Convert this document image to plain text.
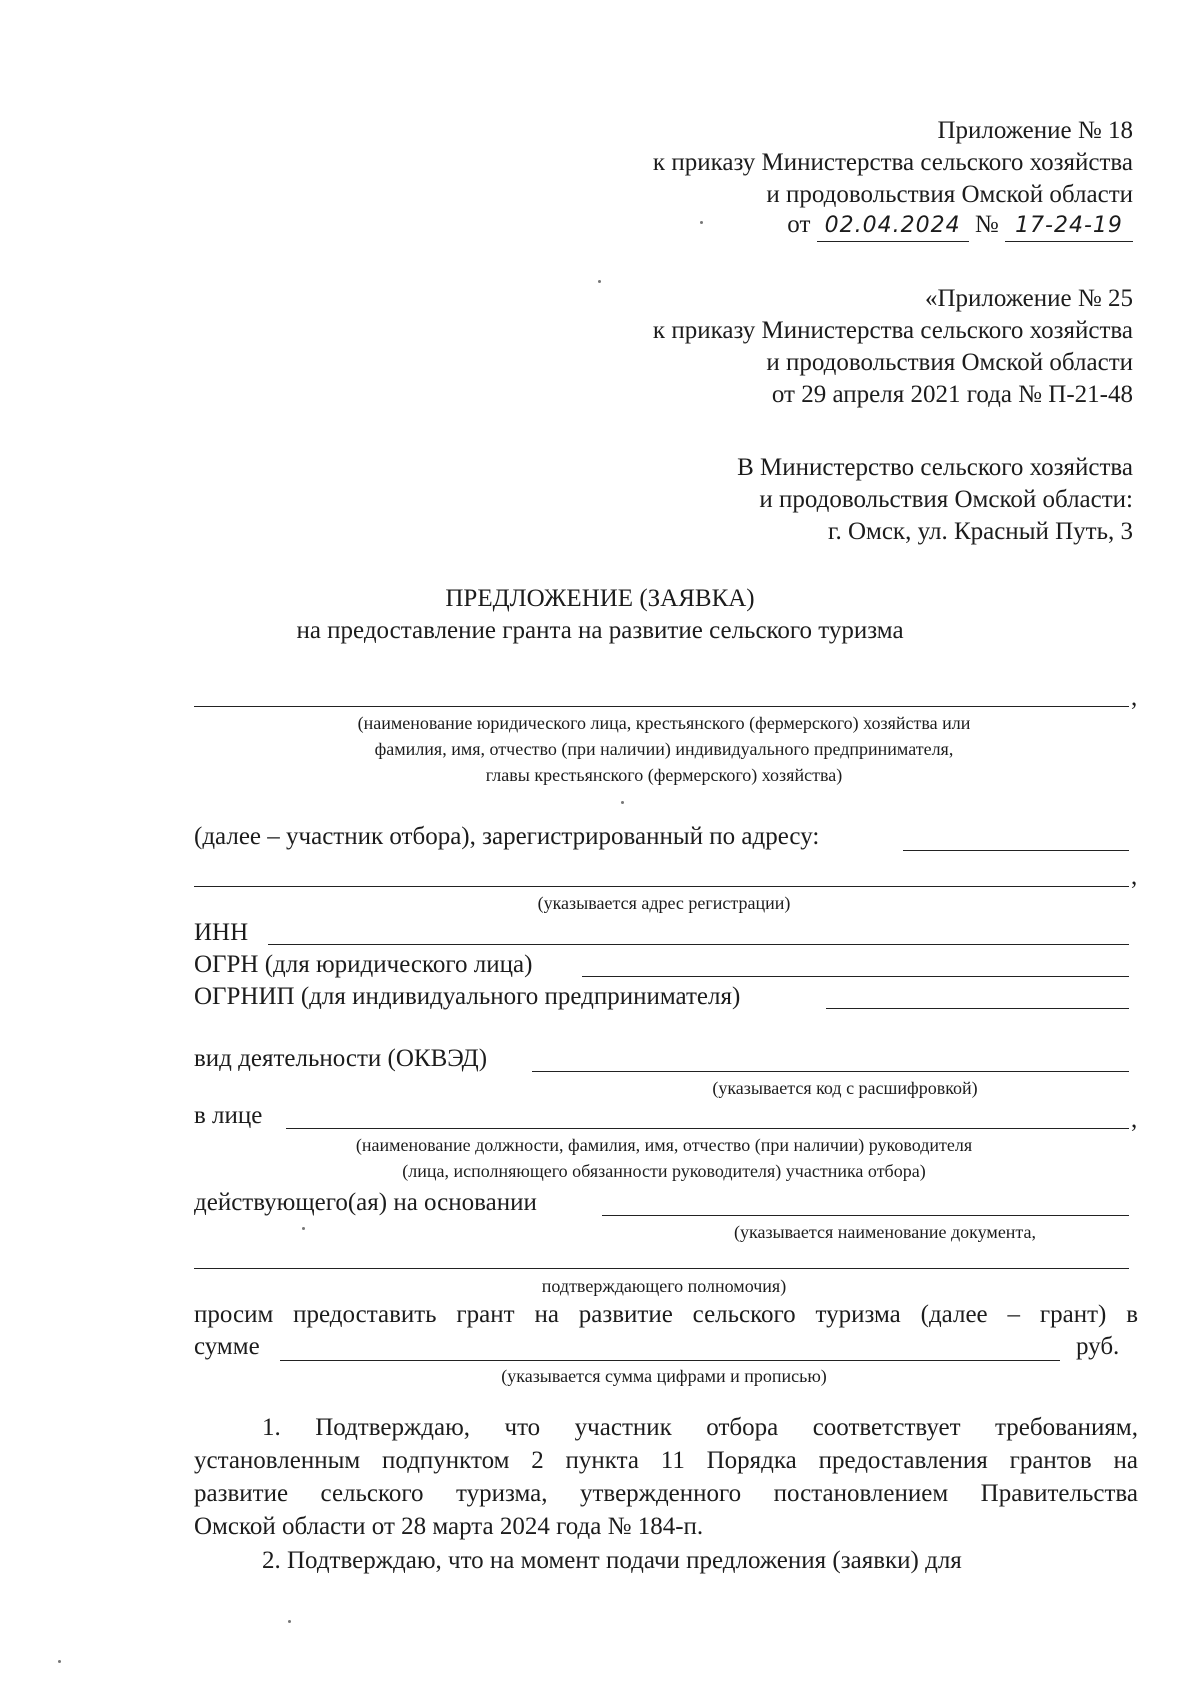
Приложение № 18
к приказу Министерства сельского хозяйства
и продовольствия Омской области
от 02.04.2024 № 17-24-19
«Приложение № 25
к приказу Министерства сельского хозяйства
и продовольствия Омской области
от 29 апреля 2021 года № П-21-48
В Министерство сельского хозяйства
и продовольствия Омской области:
г. Омск, ул. Красный Путь, 3
ПРЕДЛОЖЕНИЕ (ЗАЯВКА)
на предоставление гранта на развитие сельского туризма
,
(наименование юридического лица, крестьянского (фермерского) хозяйства или
фамилия, имя, отчество (при наличии) индивидуального предпринимателя,
главы крестьянского (фермерского) хозяйства)
(далее – участник отбора), зарегистрированный по адресу:
,
(указывается адрес регистрации)
ИНН
ОГРН (для юридического лица)
ОГРНИП (для индивидуального предпринимателя)
вид деятельности (ОКВЭД)
(указывается код с расшифровкой)
в лице	,
(наименование должности, фамилия, имя, отчество (при наличии) руководителя
(лица, исполняющего обязанности руководителя) участника отбора)
действующего(ая) на основании
(указывается наименование документа,
подтверждающего полномочия)
просим предоставить грант на развитие сельского туризма (далее – грант) в
сумме	руб.
(указывается сумма цифрами и прописью)
1. Подтверждаю, что участник отбора соответствует требованиям,
установленным подпунктом 2 пункта 11 Порядка предоставления грантов на
развитие сельского туризма, утвержденного постановлением Правительства
Омской области от 28 марта 2024 года № 184-п.
2. Подтверждаю, что на момент подачи предложения (заявки) для
